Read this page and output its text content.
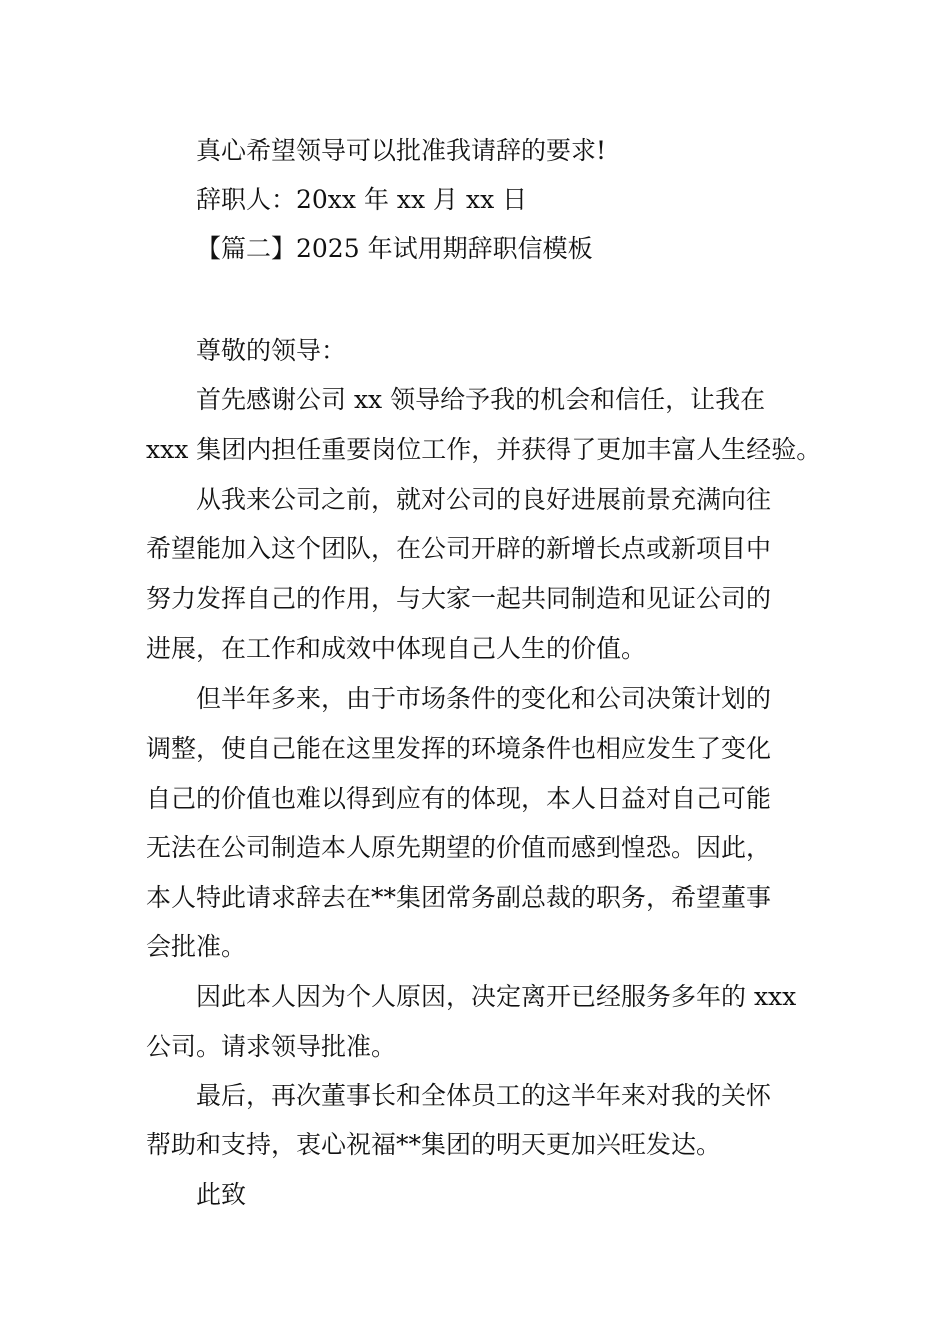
真心希望领导可以批准我请辞的要求!
辞职人：20xx 年 xx 月 xx 日
【篇二】2025 年试用期辞职信模板
尊敬的领导：
首先感谢公司 xx 领导给予我的机会和信任，让我在
xxx 集团内担任重要岗位工作，并获得了更加丰富人生经验。
从我来公司之前，就对公司的良好进展前景充满向往
希望能加入这个团队，在公司开辟的新增长点或新项目中
努力发挥自己的作用，与大家一起共同制造和见证公司的
进展，在工作和成效中体现自己人生的价值。
但半年多来，由于市场条件的变化和公司决策计划的
调整，使自己能在这里发挥的环境条件也相应发生了变化
自己的价值也难以得到应有的体现，本人日益对自己可能
无法在公司制造本人原先期望的价值而感到惶恐。因此，
本人特此请求辞去在**集团常务副总裁的职务，希望董事
会批准。
因此本人因为个人原因，决定离开已经服务多年的 xxx
公司。请求领导批准。
最后，再次董事长和全体员工的这半年来对我的关怀
帮助和支持，衷心祝福**集团的明天更加兴旺发达。
此致
